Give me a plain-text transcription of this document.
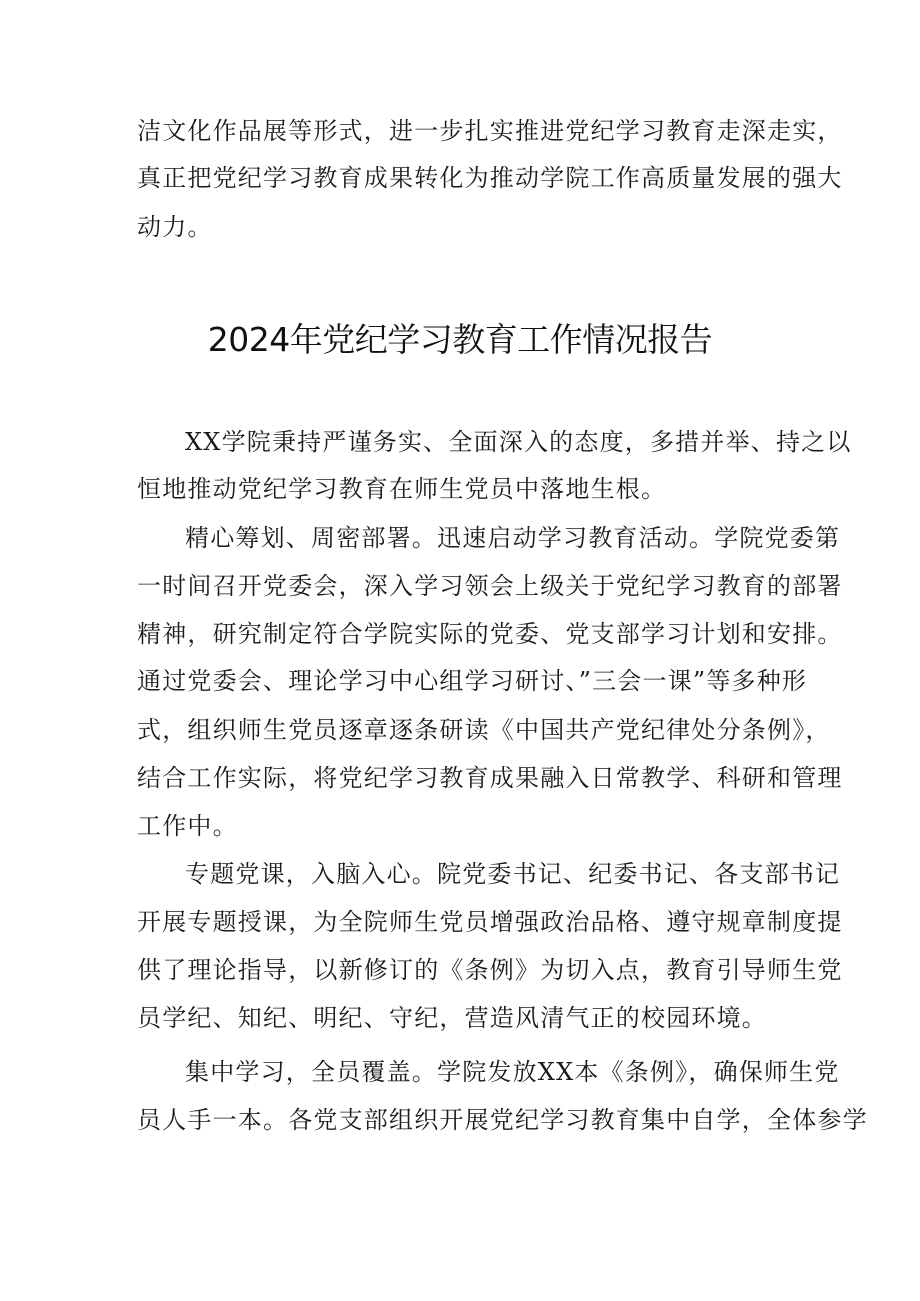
洁文化作品展等形式，进一步扎实推进党纪学习教育走深走实，
真正把党纪学习教育成果转化为推动学院工作高质量发展的强大
动力。
2024年党纪学习教育工作情况报告
XX学院秉持严谨务实、全面深入的态度，多措并举、持之以
恒地推动党纪学习教育在师生党员中落地生根。
精心筹划、周密部署。迅速启动学习教育活动。学院党委第
一时间召开党委会，深入学习领会上级关于党纪学习教育的部署
精神，研究制定符合学院实际的党委、党支部学习计划和安排。
通过党委会、理论学习中心组学习研讨、”三会一课”等多种形
式，组织师生党员逐章逐条研读《中国共产党纪律处分条例》，
结合工作实际，将党纪学习教育成果融入日常教学、科研和管理
工作中。
专题党课，入脑入心。院党委书记、纪委书记、各支部书记
开展专题授课，为全院师生党员增强政治品格、遵守规章制度提
供了理论指导，以新修订的《条例》为切入点，教育引导师生党
员学纪、知纪、明纪、守纪，营造风清气正的校园环境。
集中学习，全员覆盖。学院发放XX本《条例》，确保师生党
员人手一本。各党支部组织开展党纪学习教育集中自学，全体参学
